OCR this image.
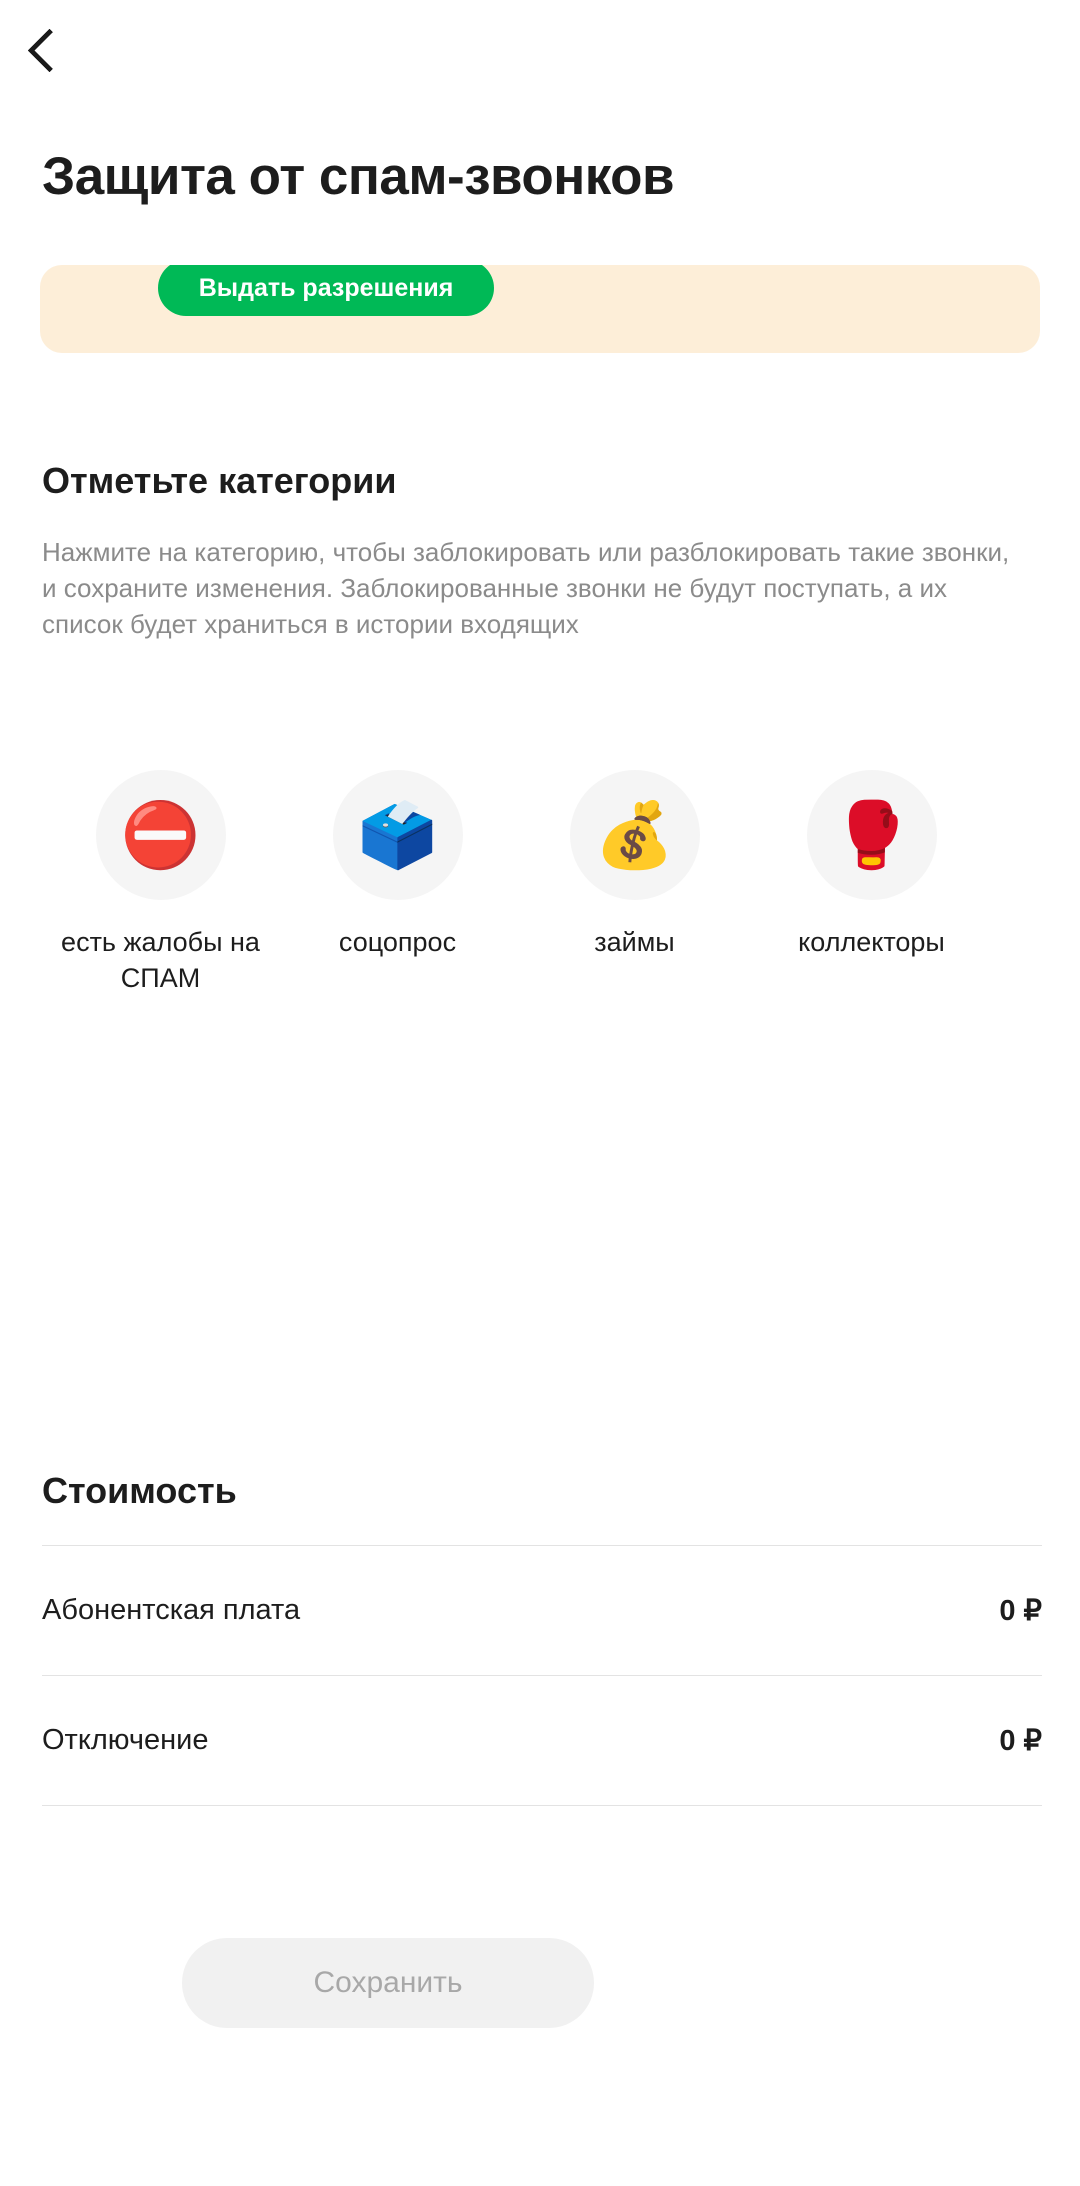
Защита от спам-звонков
Выдать разрешения
Отметьте категории
Нажмите на категорию, чтобы заблокировать или разблокировать такие звонки, и сохраните изменения. Заблокированные звонки не будут поступать, а их список будет храниться в истории входящих
⛔
есть жалобы на СПАМ
🗳️
соцопрос
💰
займы
🥊
коллекторы
Стоимость
Абонентская плата	0 ₽
Отключение	0 ₽
Сохранить
